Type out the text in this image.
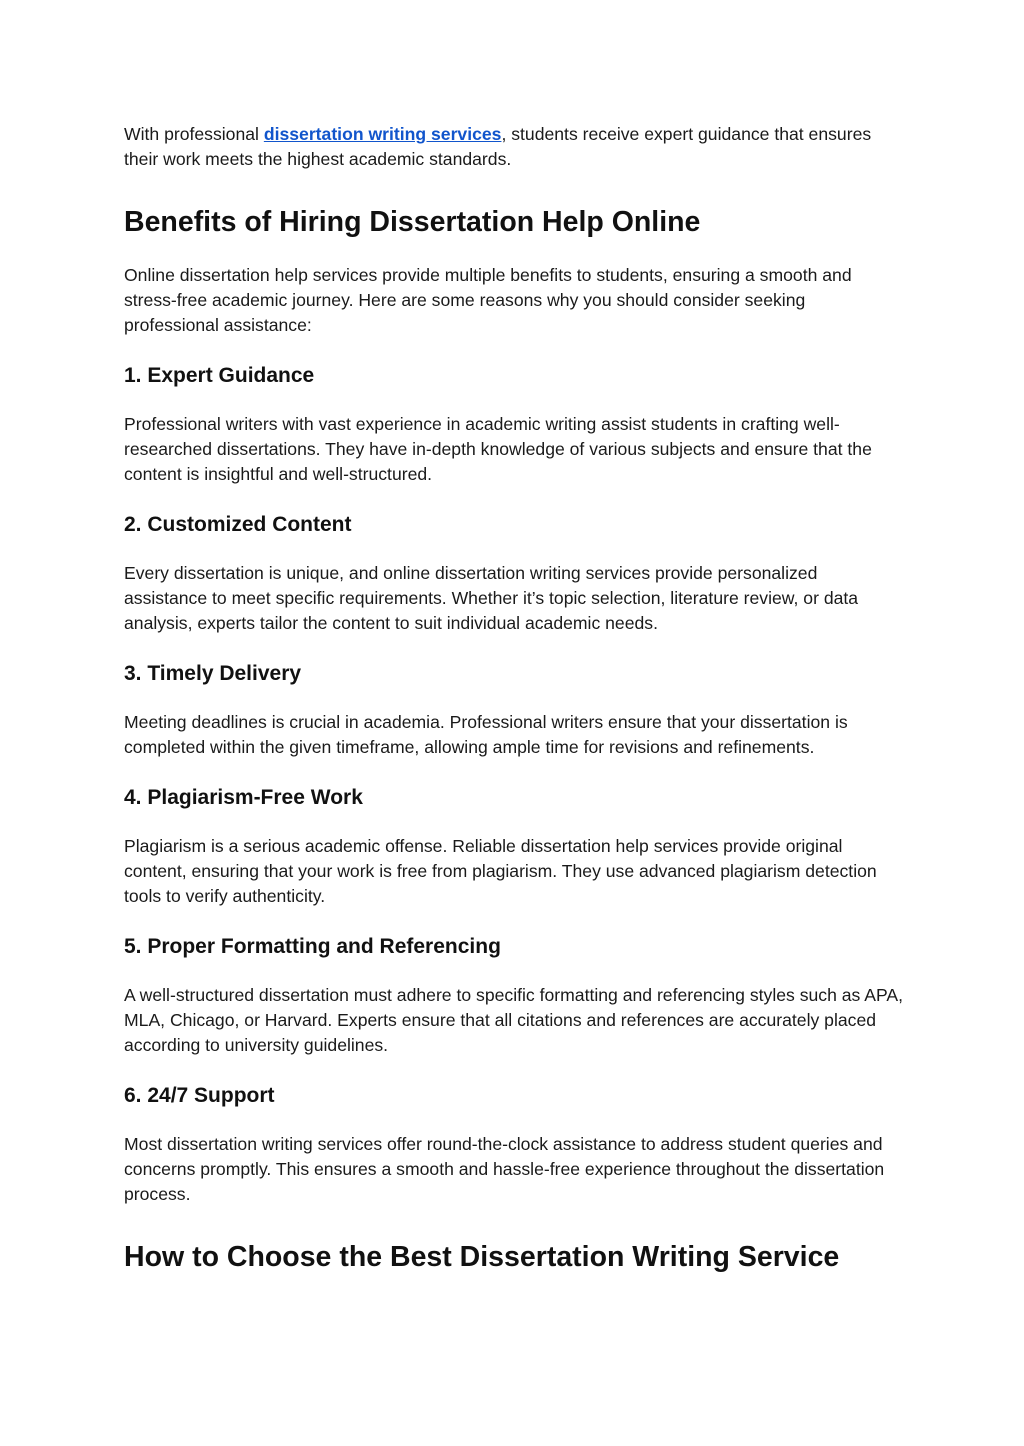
With professional dissertation writing services, students receive expert guidance that ensures their work meets the highest academic standards.

Benefits of Hiring Dissertation Help Online

Online dissertation help services provide multiple benefits to students, ensuring a smooth and stress-free academic journey. Here are some reasons why you should consider seeking professional assistance:

1. Expert Guidance

Professional writers with vast experience in academic writing assist students in crafting well-researched dissertations. They have in-depth knowledge of various subjects and ensure that the content is insightful and well-structured.

2. Customized Content

Every dissertation is unique, and online dissertation writing services provide personalized assistance to meet specific requirements. Whether it’s topic selection, literature review, or data analysis, experts tailor the content to suit individual academic needs.

3. Timely Delivery

Meeting deadlines is crucial in academia. Professional writers ensure that your dissertation is completed within the given timeframe, allowing ample time for revisions and refinements.

4. Plagiarism-Free Work

Plagiarism is a serious academic offense. Reliable dissertation help services provide original content, ensuring that your work is free from plagiarism. They use advanced plagiarism detection tools to verify authenticity.

5. Proper Formatting and Referencing

A well-structured dissertation must adhere to specific formatting and referencing styles such as APA, MLA, Chicago, or Harvard. Experts ensure that all citations and references are accurately placed according to university guidelines.

6. 24/7 Support

Most dissertation writing services offer round-the-clock assistance to address student queries and concerns promptly. This ensures a smooth and hassle-free experience throughout the dissertation process.

How to Choose the Best Dissertation Writing Service
